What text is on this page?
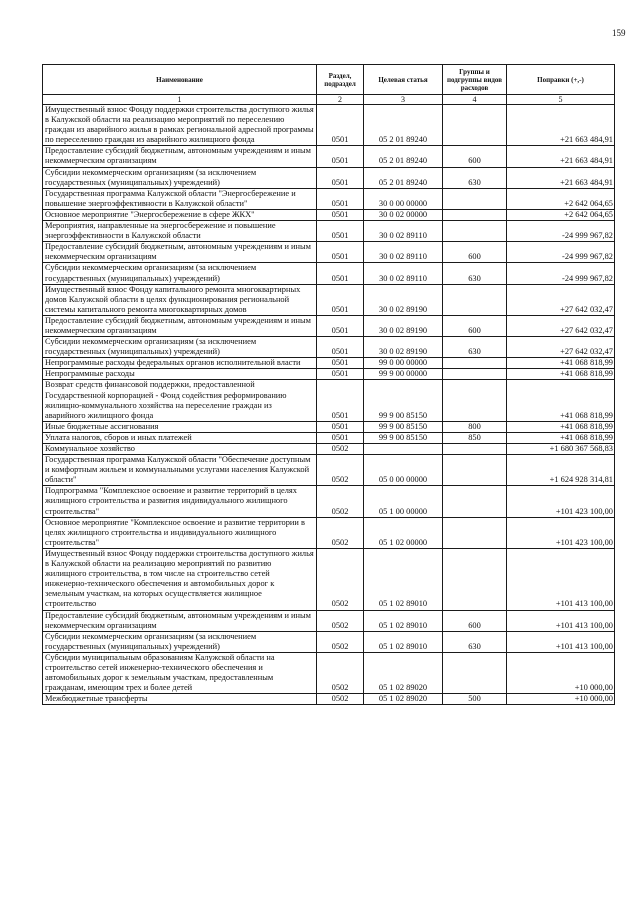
159
Наименование	Раздел, подраздел	Целевая статья	Группы и подгруппы видов расходов	Поправки (+,-)
1	2	3	4	5
Имущественный взнос Фонду поддержки строительства доступного жилья в Калужской области на реализацию мероприятий по переселению граждан из аварийного жилья в рамках региональной адресной программы по переселению граждан из аварийного жилищного фонда	0501	05 2 01 89240		+21 663 484,91
Предоставление субсидий бюджетным, автономным учреждениям и иным некоммерческим организациям	0501	05 2 01 89240	600	+21 663 484,91
Субсидии некоммерческим организациям (за исключением государственных (муниципальных) учреждений)	0501	05 2 01 89240	630	+21 663 484,91
Государственная программа Калужской области "Энергосбережение и повышение энергоэффективности в Калужской области"	0501	30 0 00 00000		+2 642 064,65
Основное мероприятие "Энергосбережение в сфере ЖКХ"	0501	30 0 02 00000		+2 642 064,65
Мероприятия, направленные на энергосбережение и повышение энергоэффективности в Калужской области	0501	30 0 02 89110		-24 999 967,82
Предоставление субсидий бюджетным, автономным учреждениям и иным некоммерческим организациям	0501	30 0 02 89110	600	-24 999 967,82
Субсидии некоммерческим организациям (за исключением государственных (муниципальных) учреждений)	0501	30 0 02 89110	630	-24 999 967,82
Имущественный взнос Фонду капитального ремонта многоквартирных домов Калужской области в целях функционирования региональной системы капитального ремонта многоквартирных домов	0501	30 0 02 89190		+27 642 032,47
Предоставление субсидий бюджетным, автономным учреждениям и иным некоммерческим организациям	0501	30 0 02 89190	600	+27 642 032,47
Субсидии некоммерческим организациям (за исключением государственных (муниципальных) учреждений)	0501	30 0 02 89190	630	+27 642 032,47
Непрограммные расходы федеральных органов исполнительной власти	0501	99 0 00 00000		+41 068 818,99
Непрограммные расходы	0501	99 9 00 00000		+41 068 818,99
Возврат средств финансовой поддержки, предоставленной Государственной корпорацией - Фонд содействия реформированию жилищно-коммунального хозяйства на переселение граждан из аварийного жилищного фонда	0501	99 9 00 85150		+41 068 818,99
Иные бюджетные ассигнования	0501	99 9 00 85150	800	+41 068 818,99
Уплата налогов, сборов и иных платежей	0501	99 9 00 85150	850	+41 068 818,99
Коммунальное хозяйство	0502			+1 680 367 568,83
Государственная программа Калужской области "Обеспечение доступным и комфортным жильем и коммунальными услугами населения Калужской области"	0502	05 0 00 00000		+1 624 928 314,81
Подпрограмма "Комплексное освоение и развитие территорий в целях жилищного строительства и развития индивидуального жилищного строительства"	0502	05 1 00 00000		+101 423 100,00
Основное мероприятие "Комплексное освоение и развитие территории в целях жилищного строительства и индивидуального жилищного строительства"	0502	05 1 02 00000		+101 423 100,00
Имущественный взнос Фонду поддержки строительства доступного жилья в Калужской области на реализацию мероприятий по развитию жилищного строительства, в том числе на строительство сетей инженерно-технического обеспечения и автомобильных дорог к земельным участкам, на которых осуществляется жилищное строительство	0502	05 1 02 89010		+101 413 100,00
Предоставление субсидий бюджетным, автономным учреждениям и иным некоммерческим организациям	0502	05 1 02 89010	600	+101 413 100,00
Субсидии некоммерческим организациям (за исключением государственных (муниципальных) учреждений)	0502	05 1 02 89010	630	+101 413 100,00
Субсидии муниципальным образованиям Калужской области на строительство сетей инженерно-технического обеспечения и автомобильных дорог к земельным участкам, предоставленным гражданам, имеющим трех и более детей	0502	05 1 02 89020		+10 000,00
Межбюджетные трансферты	0502	05 1 02 89020	500	+10 000,00
